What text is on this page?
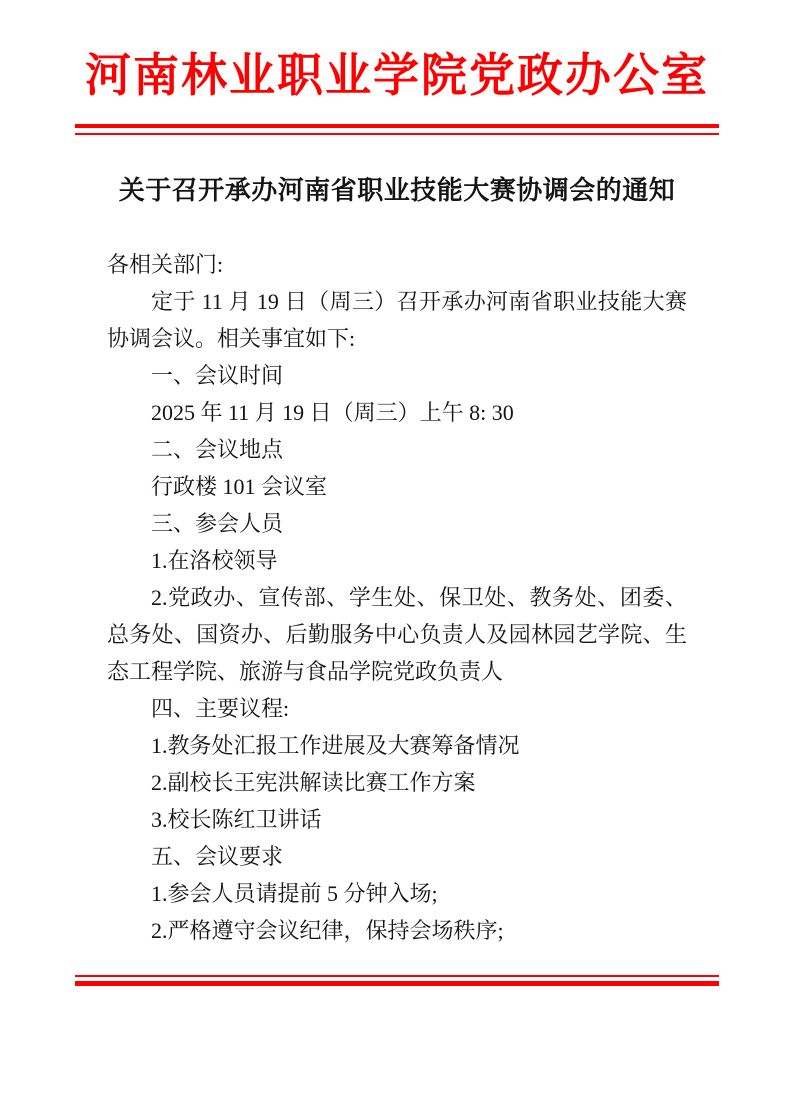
河南林业职业学院党政办公室
关于召开承办河南省职业技能大赛协调会的通知

各相关部门:

定于 11 月 19 日（周三）召开承办河南省职业技能大赛协调会议。相关事宜如下:

一、会议时间

2025 年 11 月 19 日（周三）上午 8: 30

二、会议地点

行政楼 101 会议室

三、参会人员

1.在洛校领导

2.党政办、宣传部、学生处、保卫处、教务处、团委、总务处、国资办、后勤服务中心负责人及园林园艺学院、生态工程学院、旅游与食品学院党政负责人

四、主要议程:

1.教务处汇报工作进展及大赛筹备情况

2.副校长王宪洪解读比赛工作方案

3.校长陈红卫讲话

五、会议要求

1.参会人员请提前 5 分钟入场;

2.严格遵守会议纪律，保持会场秩序;
